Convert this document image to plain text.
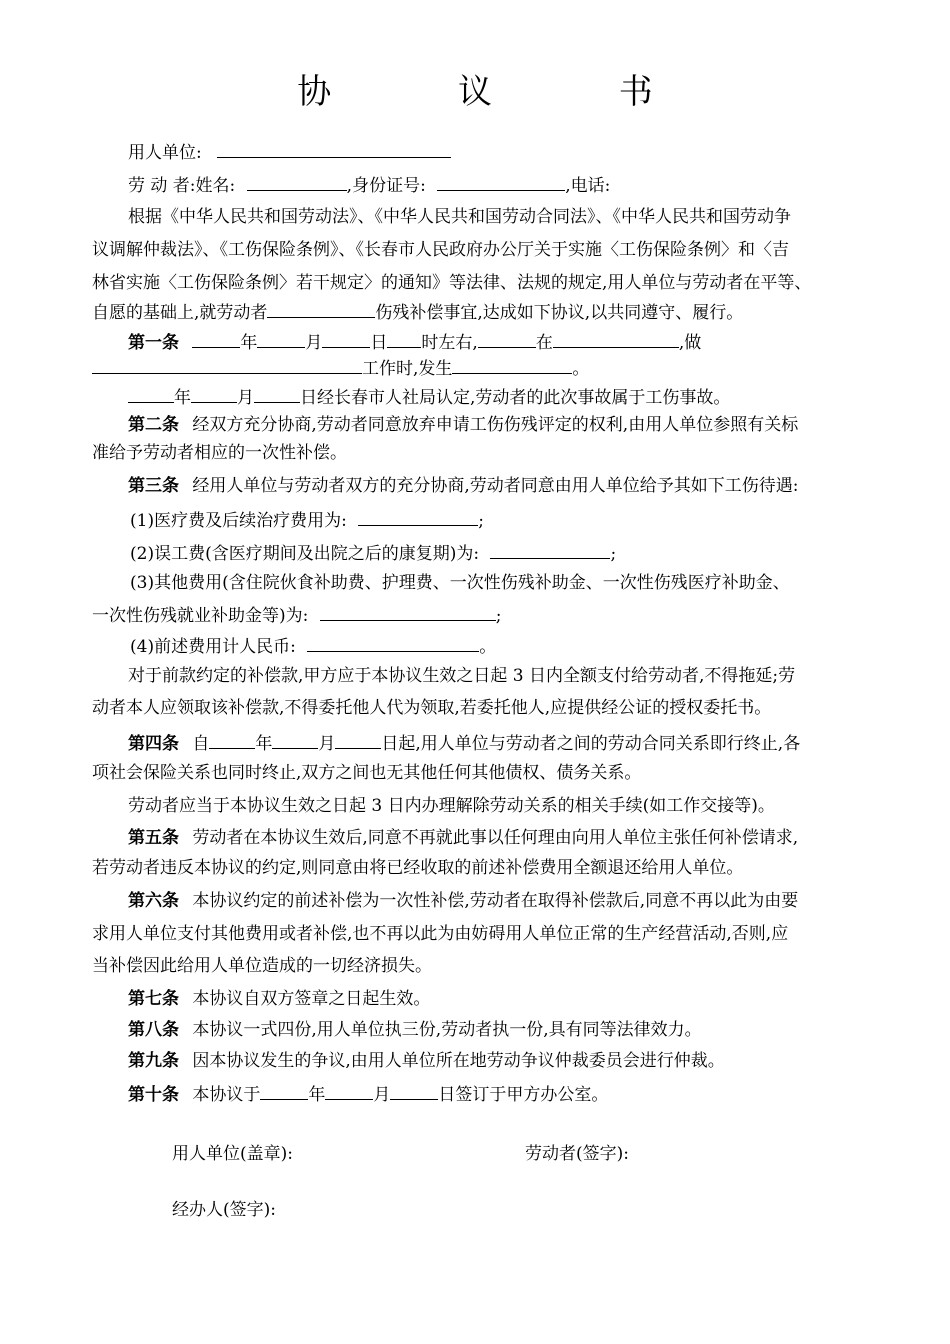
协 议 书
用人单位:
劳 动 者:姓名:	,身份证号:	,电话:
根据《中华人民共和国劳动法》、《中华人民共和国劳动合同法》、《中华人民共和国劳动争
议调解仲裁法》、《工伤保险条例》、《长春市人民政府办公厅关于实施〈工伤保险条例〉和〈吉
林省实施〈工伤保险条例〉若干规定〉的通知》等法律、法规的规定,用人单位与劳动者在平等、
自愿的基础上,就劳动者	伤残补偿事宜,达成如下协议,以共同遵守、履行。
第一条	年	月	日 时左右,	在	,做
工作时,发生	。
年	月	日经长春市人社局认定,劳动者的此次事故属于工伤事故。
第二条 经双方充分协商,劳动者同意放弃申请工伤伤残评定的权利,由用人单位参照有关标
准给予劳动者相应的一次性补偿。
第三条 经用人单位与劳动者双方的充分协商,劳动者同意由用人单位给予其如下工伤待遇:
(1)医疗费及后续治疗费用为:	;
(2)误工费(含医疗期间及出院之后的康复期)为:	;
(3)其他费用(含住院伙食补助费、护理费、一次性伤残补助金、一次性伤残医疗补助金、
一次性伤残就业补助金等)为:	;
(4)前述费用计人民币:	。
对于前款约定的补偿款,甲方应于本协议生效之日起 3 日内全额支付给劳动者,不得拖延;劳
动者本人应领取该补偿款,不得委托他人代为领取,若委托他人,应提供经公证的授权委托书。
第四条 自	年	月	日起,用人单位与劳动者之间的劳动合同关系即行终止,各
项社会保险关系也同时终止,双方之间也无其他任何其他债权、债务关系。
劳动者应当于本协议生效之日起 3 日内办理解除劳动关系的相关手续(如工作交接等)。
第五条 劳动者在本协议生效后,同意不再就此事以任何理由向用人单位主张任何补偿请求,
若劳动者违反本协议的约定,则同意由将已经收取的前述补偿费用全额退还给用人单位。
第六条 本协议约定的前述补偿为一次性补偿,劳动者在取得补偿款后,同意不再以此为由要
求用人单位支付其他费用或者补偿,也不再以此为由妨碍用人单位正常的生产经营活动,否则,应
当补偿因此给用人单位造成的一切经济损失。
第七条 本协议自双方签章之日起生效。
第八条 本协议一式四份,用人单位执三份,劳动者执一份,具有同等法律效力。
第九条 因本协议发生的争议,由用人单位所在地劳动争议仲裁委员会进行仲裁。
第十条 本协议于	年	月	日签订于甲方办公室。
用人单位(盖章):	劳动者(签字):
经办人(签字):
